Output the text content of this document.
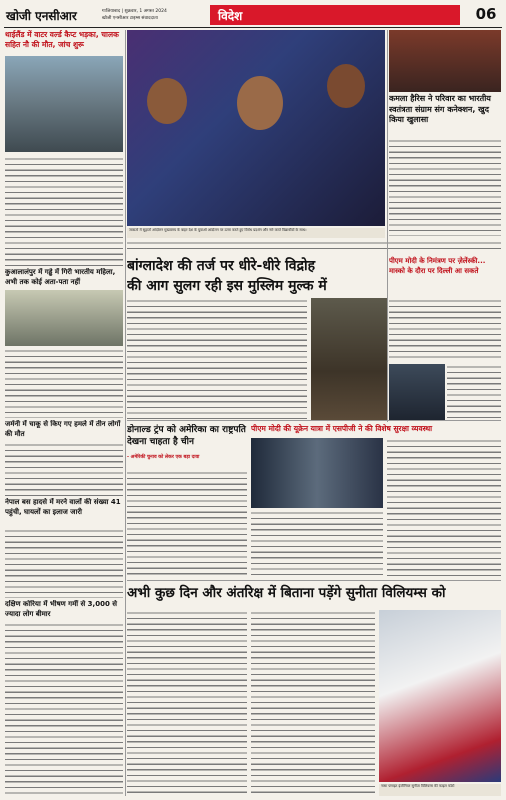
खोजी एनसीआर	गाजियाबाद | शुक्रवार, 1 अगस्त 2024
खोजी एनसीआर टाइम्स संवाददाता	विदेश	06
थाईलैंड में वाटर वर्ल्ड कैप्ट भड़का, चालक सहित नौ की मौत, जांच शुरू
जकार्ता में सुहार्तो आंदोलन मुख्यालय के बाहर देश के युवाओं आंदोलन पर उतरा करते हुए विरोध प्रदर्शन और नारे करते विद्यार्थीयों के साथ।
कमला हैरिस ने परिवार का भारतीय स्वतंत्रता संग्राम संग कनेक्शन, खुद किया खुलासा
बांग्लादेश की तर्ज पर धीरे-धीरे विद्रोह
की आग सुलग रही इस मुस्लिम मुल्क में
पीएम मोदी के निमंत्रण पर ज़ेलेंस्की...
मास्को के दौरा पर दिल्ली आ सकते
कुआलालंपुर में गड्ढे में गिरी भारतीय महिला, अभी तक कोई अता-पता नहीं
जर्मनी में चाकू से किए गए हमले में तीन लोगों की मौत	डोनाल्ड ट्रंप को अमेरिका का राष्ट्रपति देखना चाहता है चीन
- अमेरिकी चुनाव को लेकर एक बड़ा दावा
पीएम मोदी की यूक्रेन यात्रा में एसपीजी ने की विशेष सुरक्षा व्यवस्था
नेपाल बस हादसे में मरने वालों की संख्या 41 पहुंची, घायलों का इलाज जारी
अभी कुछ दिन और अंतरिक्ष में बिताना पड़ेंगे सुनीता विलियम्स को
नासा फ्लाइट इंजीनियर सुनीता विलियम्स की फाइल फोटो
दक्षिण कोरिया में भीषण गर्मी से 3,000 से ज्यादा लोग बीमार
